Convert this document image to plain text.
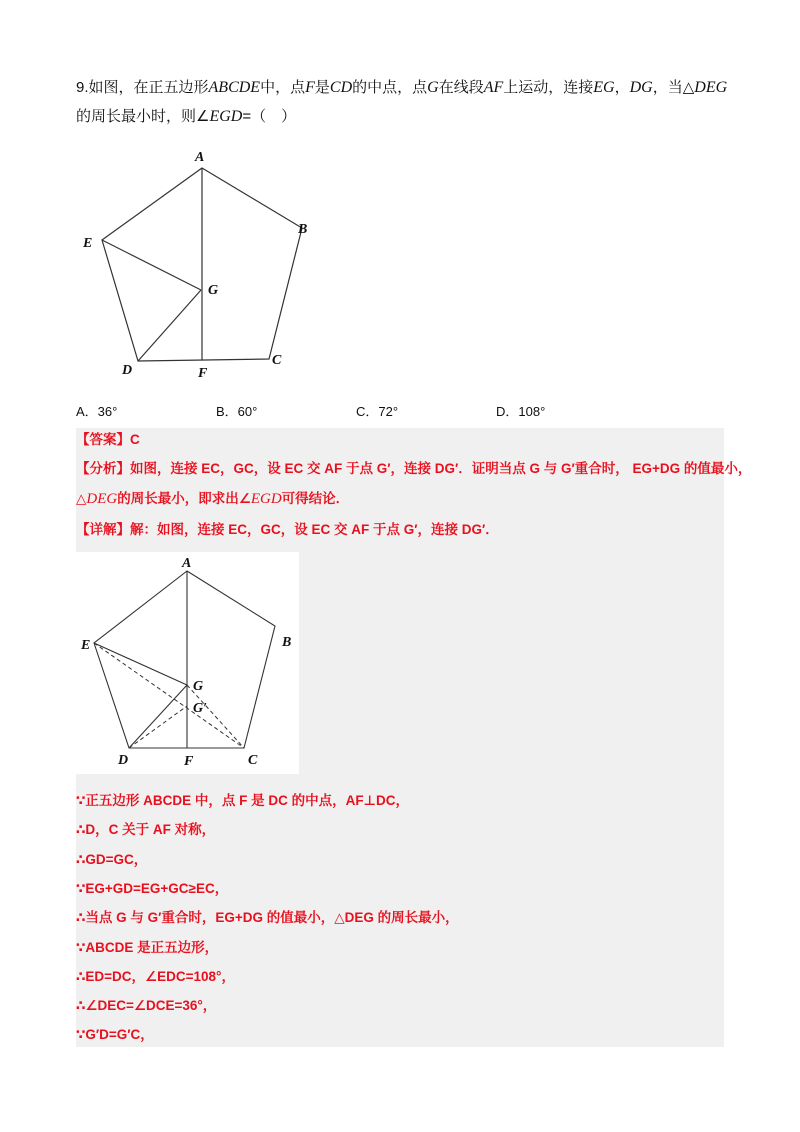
9.如图，在正五边形ABCDE中，点F是CD的中点，点G在线段AF上运动，连接EG，DG，当△DEG
的周长最小时，则∠EGD=（　）
A
B
C
D
E
F
G
A．36°	B．60°	C．72°	D．108°
【答案】C
【分析】如图，连接 EC，GC，设 EC 交 AF 于点 G′，连接 DG′．证明当点 G 与 G′重合时， EG+DG 的值最小，
△DEG的周长最小，即求出∠EGD可得结论．
【详解】解：如图，连接 EC，GC，设 EC 交 AF 于点 G′，连接 DG′．
A
B
C
D
E
F
G
G′
∵正五边形 ABCDE 中，点 F 是 DC 的中点，AF⊥DC，
∴D，C 关于 AF 对称，
∴GD=GC，
∵EG+GD=EG+GC≥EC，
∴当点 G 与 G′重合时，EG+DG 的值最小，△DEG 的周长最小，
∵ABCDE 是正五边形，
∴ED=DC，∠EDC=108°，
∴∠DEC=∠DCE=36°，
∵G′D=G′C，
